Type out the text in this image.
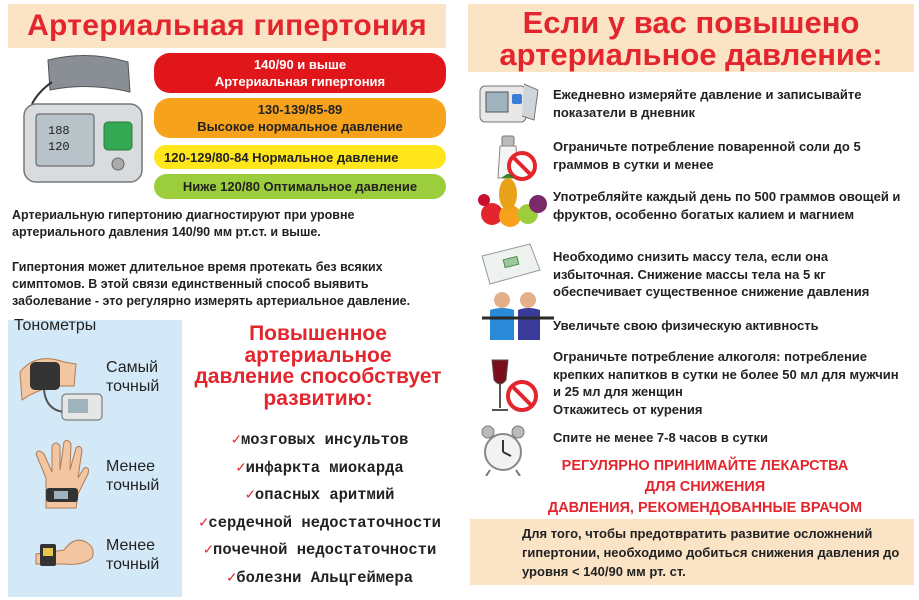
Артериальная гипертония
188
120
140/90 и выше
Артериальная гипертония
130-139/85-89
Высокое нормальное давление
120-129/80-84 Нормальное давление
Ниже 120/80 Оптимальное давление
Артериальную гипертонию диагностируют при уровне артериального давления 140/90 мм рт.ст. и выше.
Гипертония может длительное время протекать без всяких симптомов. В этой связи единственный способ выявить заболевание - это регулярно измерять артериальное давление.
Тонометры
Самый
точный
Менее
точный
Менее
точный
Повышенное
артериальное
давление способствует
развитию:
✓мозговых инсультов
✓инфаркта миокарда
✓опасных аритмий
✓сердечной недостаточности
✓почечной недостаточности
✓болезни Альцгеймера
Если у вас повышено
артериальное давление:
Ежедневно измеряйте давление и записывайте показатели в дневник
Ограничьте потребление поваренной соли до 5 граммов в сутки и менее
Употребляйте каждый день по 500 граммов овощей и фруктов, особенно богатых калием и магнием
Необходимо снизить массу тела, если она избыточная. Снижение массы тела на 5 кг обеспечивает существенное снижение давления
Увеличьте свою физическую активность
Ограничьте потребление алкоголя: потребление крепких напитков в сутки не более 50 мл для мужчин и 25 мл для женщин
Откажитесь от курения
Спите не менее 7-8 часов в сутки
РЕГУЛЯРНО ПРИНИМАЙТЕ ЛЕКАРСТВА
ДЛЯ СНИЖЕНИЯ
ДАВЛЕНИЯ, РЕКОМЕНДОВАННЫЕ ВРАЧОМ
Для того, чтобы предотвратить развитие осложнений гипертонии, необходимо добиться снижения давления до уровня < 140/90 мм рт. ст.
